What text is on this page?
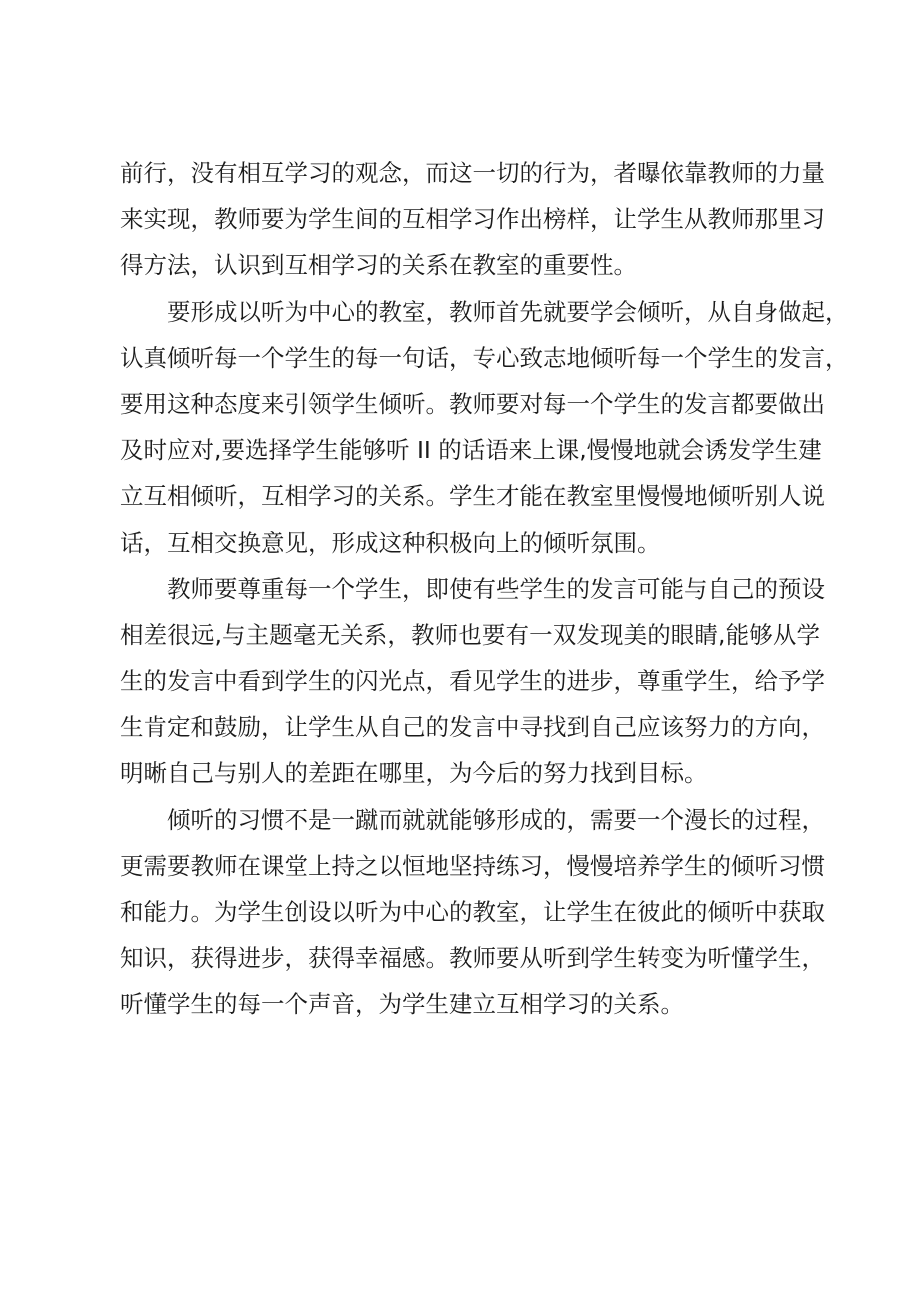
前行，没有相互学习的观念，而这一切的行为，者曝依靠教师的力量
来实现，教师要为学生间的互相学习作出榜样，让学生从教师那里习
得方法，认识到互相学习的关系在教室的重要性。
要形成以听为中心的教室，教师首先就要学会倾听，从自身做起，
认真倾听每一个学生的每一句话，专心致志地倾听每一个学生的发言，
要用这种态度来引领学生倾听。教师要对每一个学生的发言都要做出
及时应对,要选择学生能够听 II 的话语来上课,慢慢地就会诱发学生建
立互相倾听，互相学习的关系。学生才能在教室里慢慢地倾听别人说
话，互相交换意见，形成这种积极向上的倾听氛围。
教师要尊重每一个学生，即使有些学生的发言可能与自己的预设
相差很远,与主题毫无关系，教师也要有一双发现美的眼睛,能够从学
生的发言中看到学生的闪光点，看见学生的进步，尊重学生，给予学
生肯定和鼓励，让学生从自己的发言中寻找到自己应该努力的方向，
明晰自己与别人的差距在哪里，为今后的努力找到目标。
倾听的习惯不是一蹴而就就能够形成的，需要一个漫长的过程，
更需要教师在课堂上持之以恒地坚持练习，慢慢培养学生的倾听习惯
和能力。为学生创设以听为中心的教室，让学生在彼此的倾听中获取
知识，获得进步，获得幸福感。教师要从听到学生转变为听懂学生，
听懂学生的每一个声音，为学生建立互相学习的关系。
